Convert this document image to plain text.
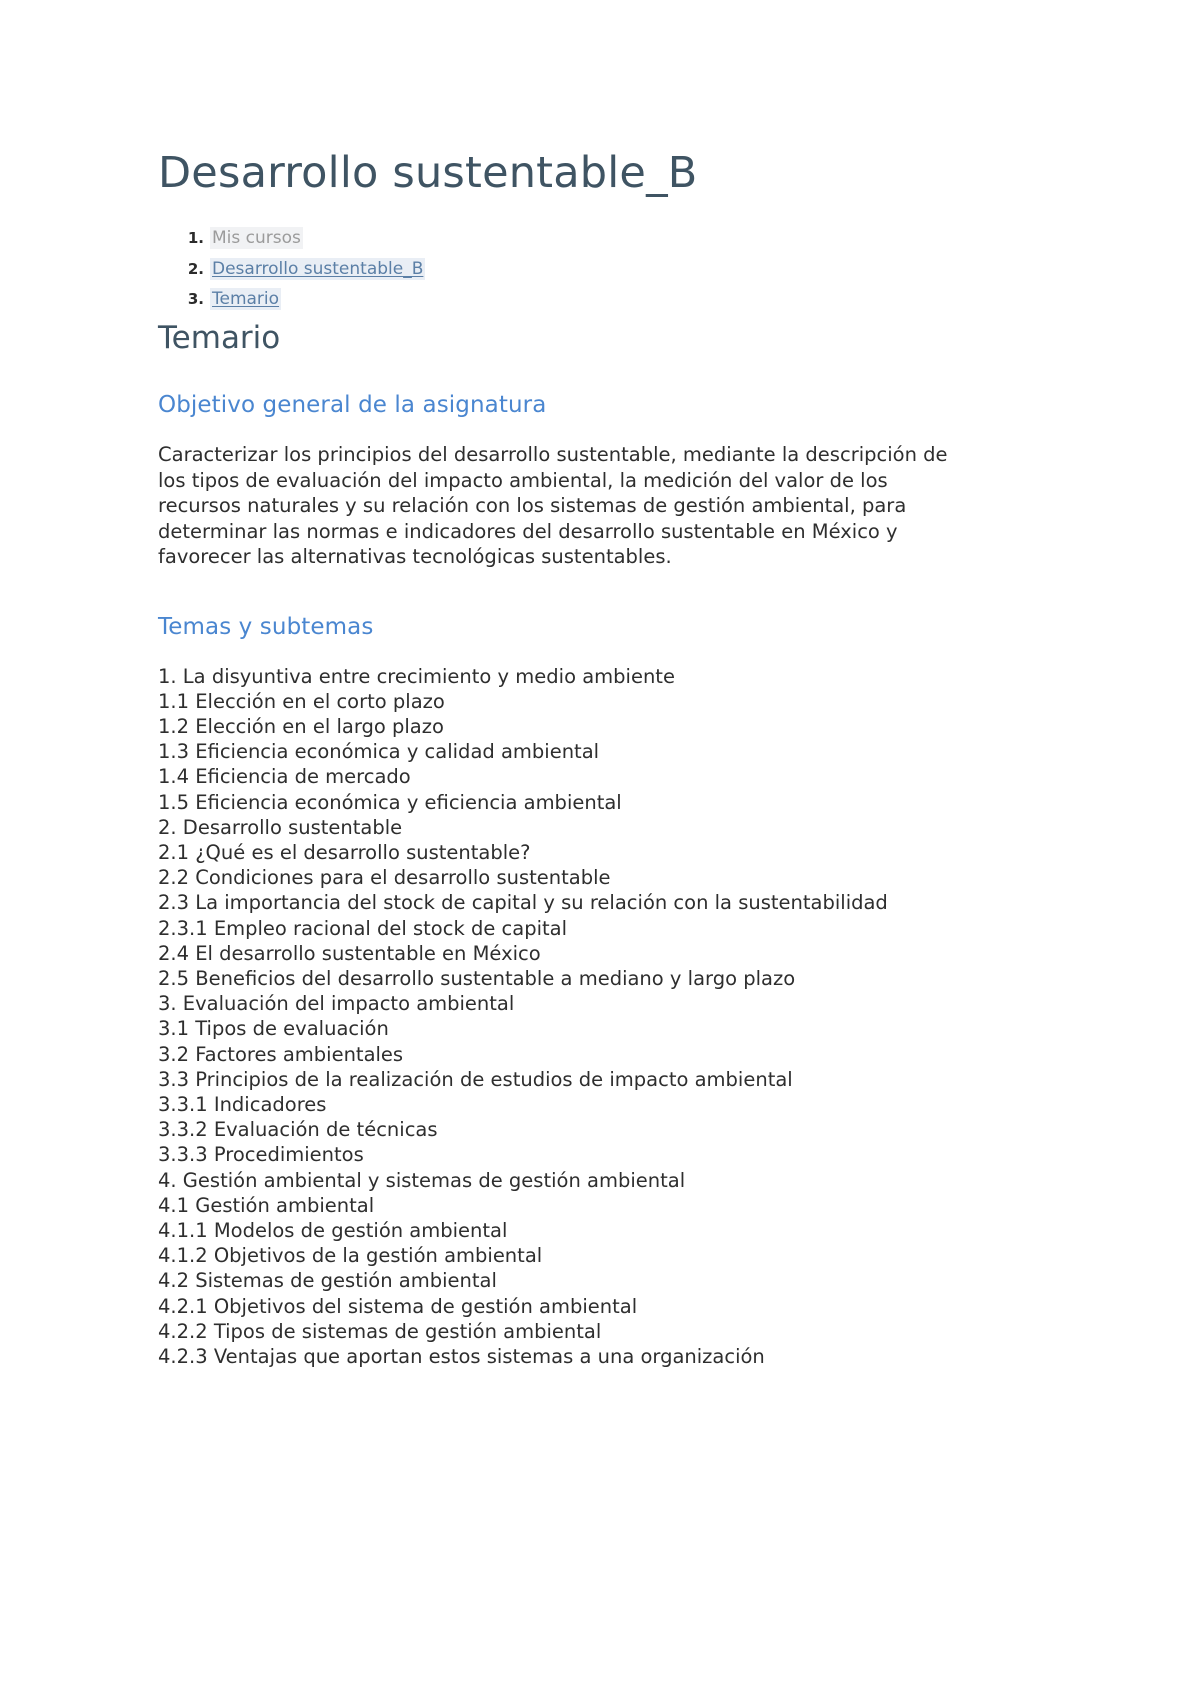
Desarrollo sustentable_B
Mis cursos
Desarrollo sustentable_B
Temario
Temario
Objetivo general de la asignatura

Caracterizar los principios del desarrollo sustentable, mediante la descripción de los tipos de evaluación del impacto ambiental, la medición del valor de los recursos naturales y su relación con los sistemas de gestión ambiental, para determinar las normas e indicadores del desarrollo sustentable en México y favorecer las alternativas tecnológicas sustentables.

Temas y subtemas
1. La disyuntiva entre crecimiento y medio ambiente
1.1 Elección en el corto plazo
1.2 Elección en el largo plazo
1.3 Eficiencia económica y calidad ambiental
1.4 Eficiencia de mercado
1.5 Eficiencia económica y eficiencia ambiental
2. Desarrollo sustentable
2.1 ¿Qué es el desarrollo sustentable?
2.2 Condiciones para el desarrollo sustentable
2.3 La importancia del stock de capital y su relación con la sustentabilidad
2.3.1 Empleo racional del stock de capital
2.4 El desarrollo sustentable en México
2.5 Beneficios del desarrollo sustentable a mediano y largo plazo
3. Evaluación del impacto ambiental
3.1 Tipos de evaluación
3.2 Factores ambientales
3.3 Principios de la realización de estudios de impacto ambiental
3.3.1 Indicadores
3.3.2 Evaluación de técnicas
3.3.3 Procedimientos
4. Gestión ambiental y sistemas de gestión ambiental
4.1 Gestión ambiental
4.1.1 Modelos de gestión ambiental
4.1.2 Objetivos de la gestión ambiental
4.2 Sistemas de gestión ambiental
4.2.1 Objetivos del sistema de gestión ambiental
4.2.2 Tipos de sistemas de gestión ambiental
4.2.3 Ventajas que aportan estos sistemas a una organización
